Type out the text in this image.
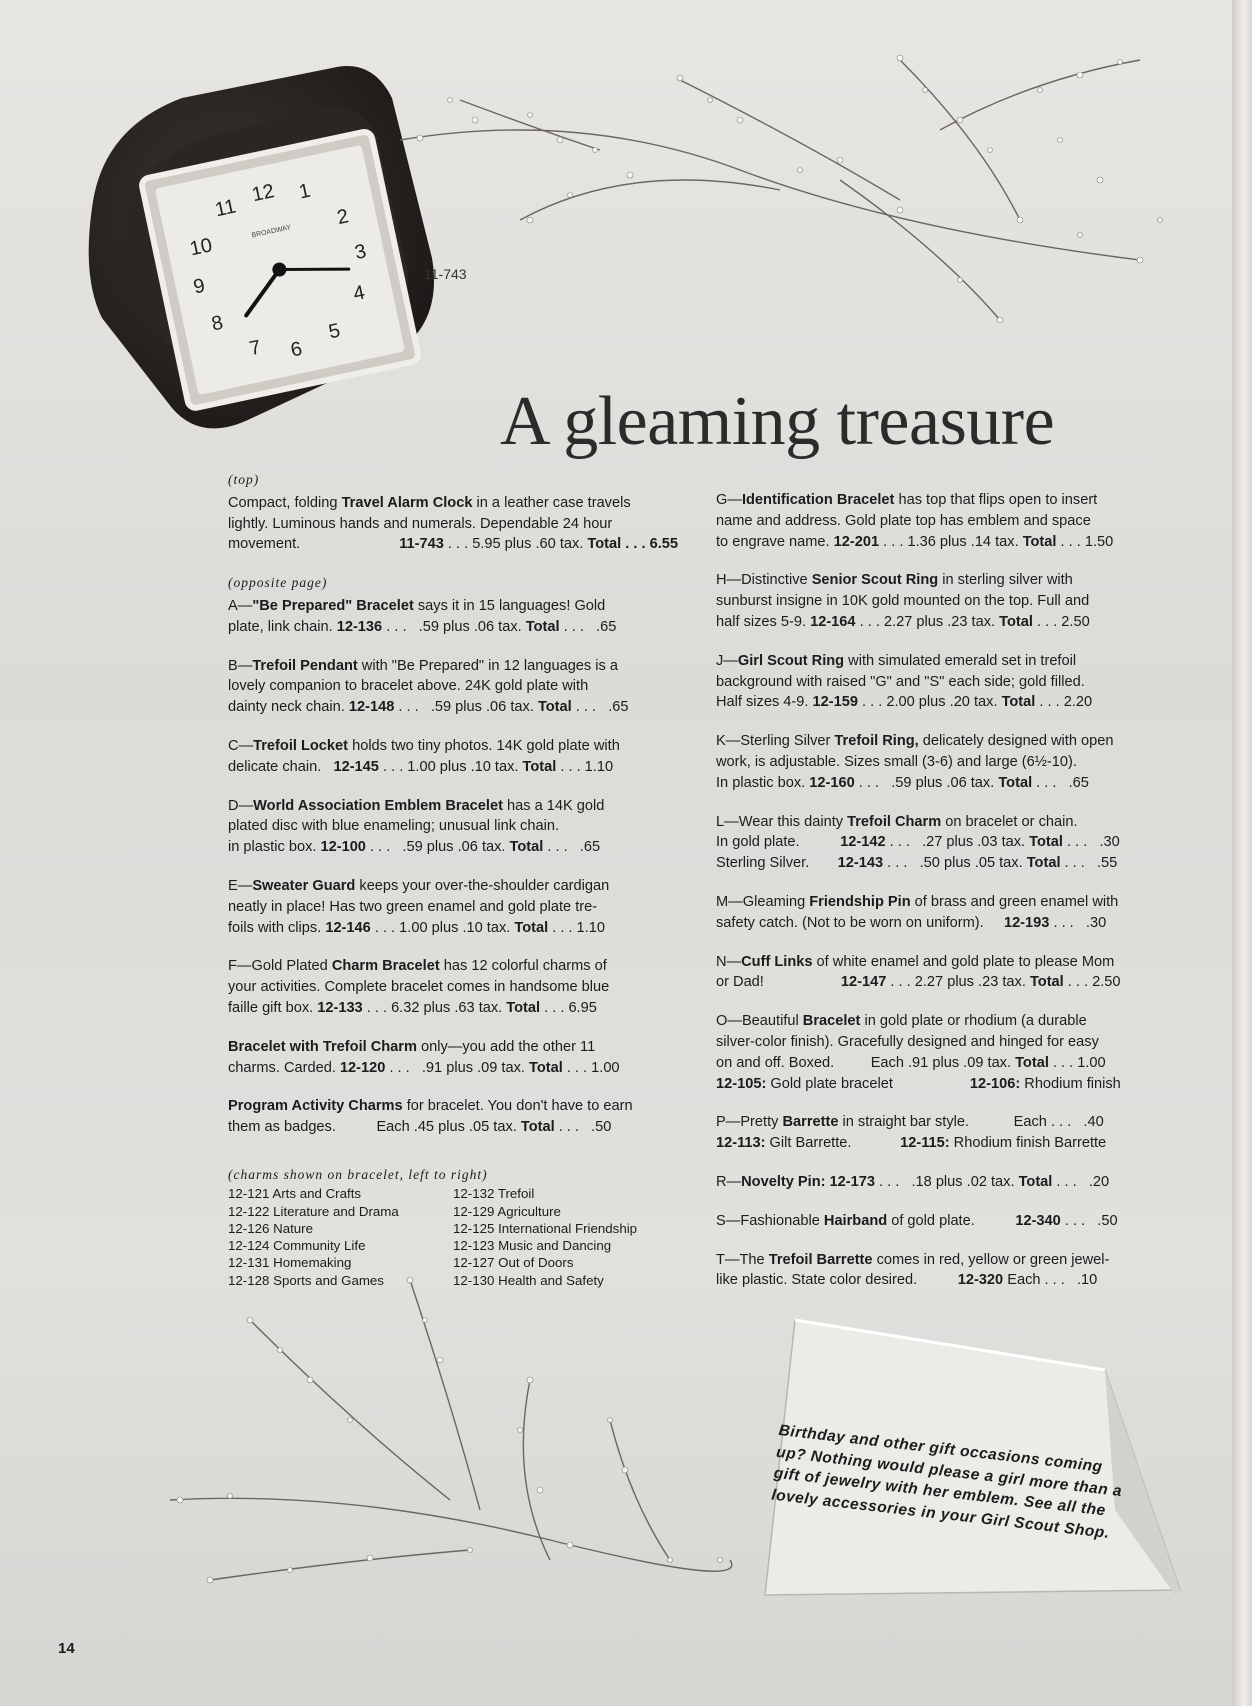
12 1
2
3
4
5
6
7
8
9
10
11
BROADWAY
11-743
A gleaming treasure
(top)

Compact, folding Travel Alarm Clock in a leather case travels

lightly. Luminous hands and numerals. Dependable 24 hour

movement.	11-743 . . . 5.95 plus .60 tax. Total . . . 6.55

(opposite page)

A—"Be Prepared" Bracelet says it in 15 languages! Gold

plate, link chain. 12-136 . . .   .59 plus .06 tax. Total . . .   .65

B—Trefoil Pendant with "Be Prepared" in 12 languages is a

lovely companion to bracelet above. 24K gold plate with

dainty neck chain. 12-148 . . .   .59 plus .06 tax. Total . . .   .65

C—Trefoil Locket holds two tiny photos. 14K gold plate with

delicate chain.   12-145 . . . 1.00 plus .10 tax. Total . . . 1.10

D—World Association Emblem Bracelet has a 14K gold

plated disc with blue enameling; unusual link chain.

in plastic box. 12-100 . . .   .59 plus .06 tax. Total . . .   .65

E—Sweater Guard keeps your over-the-shoulder cardigan

neatly in place! Has two green enamel and gold plate tre-

foils with clips. 12-146 . . . 1.00 plus .10 tax. Total . . . 1.10

F—Gold Plated Charm Bracelet has 12 colorful charms of

your activities. Complete bracelet comes in handsome blue

faille gift box. 12-133 . . . 6.32 plus .63 tax. Total . . . 6.95

Bracelet with Trefoil Charm only—you add the other 11

charms. Carded. 12-120 . . .   .91 plus .09 tax. Total . . . 1.00

Program Activity Charms for bracelet. You don't have to earn

them as badges.          Each .45 plus .05 tax. Total . . .   .50

(charms shown on bracelet, left to right)
12-121 Arts and Crafts	12-132 Trefoil
12-122 Literature and Drama	12-129 Agriculture
12-126 Nature	12-125 International Friendship
12-124 Community Life	12-123 Music and Dancing
12-131 Homemaking	12-127 Out of Doors
12-128 Sports and Games	12-130 Health and Safety

G—Identification Bracelet has top that flips open to insert

name and address. Gold plate top has emblem and space

to engrave name. 12-201 . . . 1.36 plus .14 tax. Total . . . 1.50

H—Distinctive Senior Scout Ring in sterling silver with

sunburst insigne in 10K gold mounted on the top. Full and

half sizes 5-9. 12-164 . . . 2.27 plus .23 tax. Total . . . 2.50

J—Girl Scout Ring with simulated emerald set in trefoil

background with raised "G" and "S" each side; gold filled.

Half sizes 4-9. 12-159 . . . 2.00 plus .20 tax. Total . . . 2.20

K—Sterling Silver Trefoil Ring, delicately designed with open

work, is adjustable. Sizes small (3-6) and large (6½-10).

In plastic box. 12-160 . . .   .59 plus .06 tax. Total . . .   .65

L—Wear this dainty Trefoil Charm on bracelet or chain.

In gold plate.          12-142 . . .   .27 plus .03 tax. Total . . .   .30

Sterling Silver.       12-143 . . .   .50 plus .05 tax. Total . . .   .55

M—Gleaming Friendship Pin of brass and green enamel with

safety catch. (Not to be worn on uniform).     12-193 . . .   .30

N—Cuff Links of white enamel and gold plate to please Mom

or Dad!                   12-147 . . . 2.27 plus .23 tax. Total . . . 2.50

O—Beautiful Bracelet in gold plate or rhodium (a durable

silver-color finish). Gracefully designed and hinged for easy

on and off. Boxed.         Each .91 plus .09 tax. Total . . . 1.00

12-105: Gold plate bracelet                   12-106: Rhodium finish

P—Pretty Barrette in straight bar style.           Each . . .   .40

12-113: Gilt Barrette.            12-115: Rhodium finish Barrette

R—Novelty Pin: 12-173 . . .   .18 plus .02 tax. Total . . .   .20

S—Fashionable Hairband of gold plate.          12-340 . . .   .50

T—The Trefoil Barrette comes in red, yellow or green jewel-

like plastic. State color desired.          12-320 Each . . .   .10

Birthday and other gift occasions coming up? Nothing would please a girl more than a gift of jewelry with her emblem. See all the lovely accessories in your Girl Scout Shop.
14
